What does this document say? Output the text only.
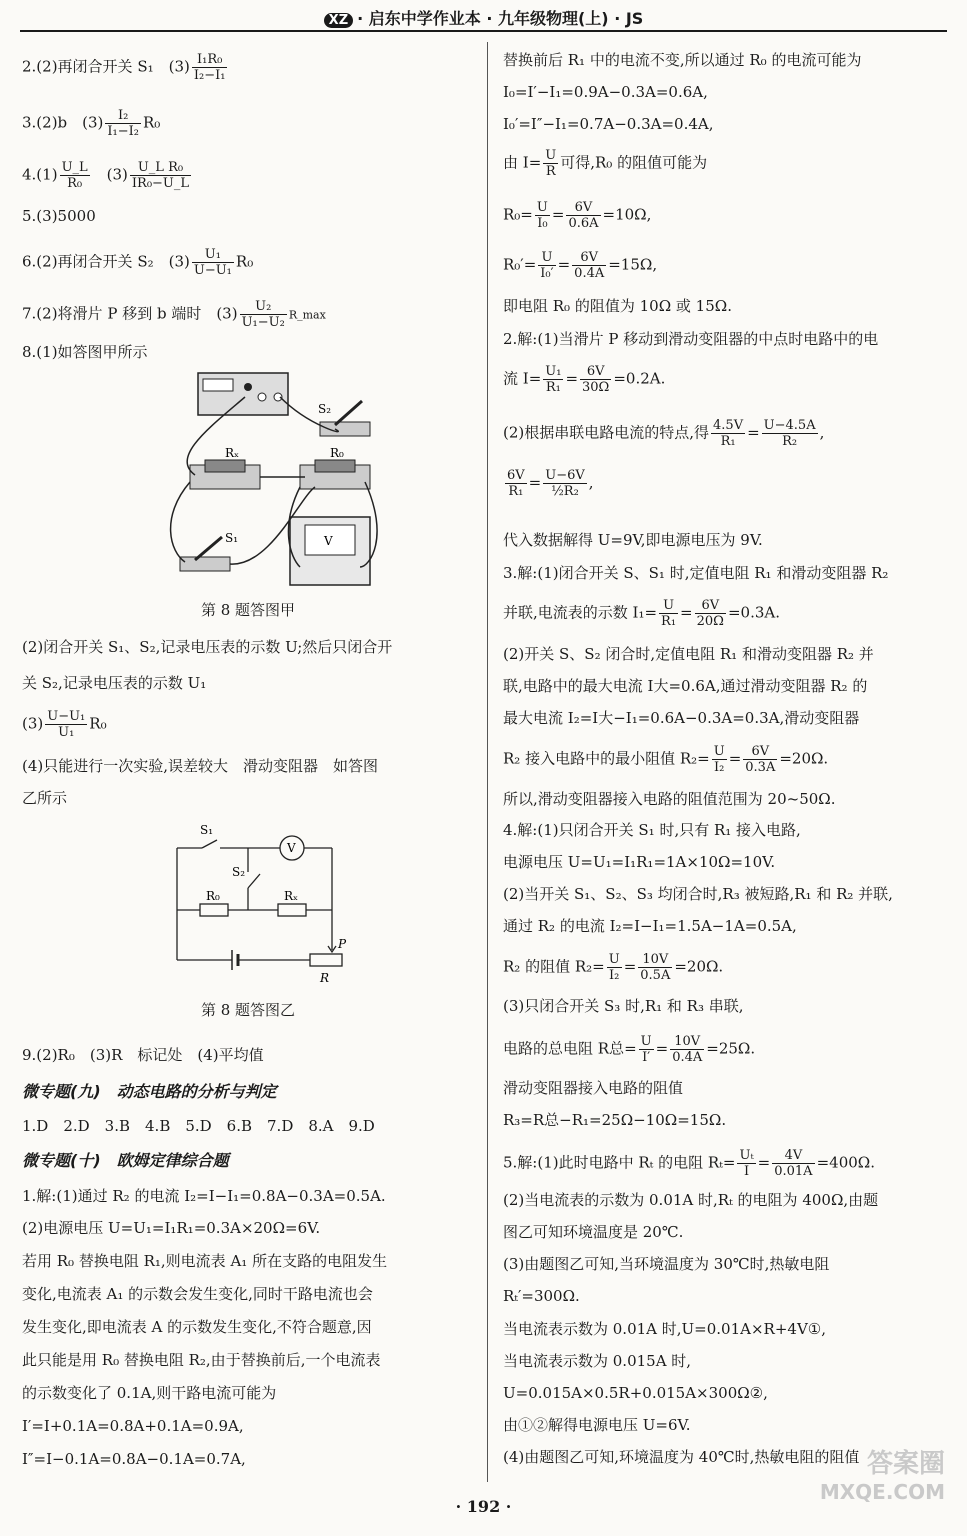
XZ · 启东中学作业本 · 九年级物理(上) · JS
2.(2)再闭合开关 S₁　$(3) \frac{\text{I₁R₀}}{\text{I₂−I₁}}$
3.(2)b　$(3) \frac{\text{I₂}}{\text{I₁−I₂}} R_0$
$4.(1) \frac{U\_L}{\text{R₀}}$ 　$(3) \frac{\text{U\_L R₀}}{\text{IR₀−U\_L}}$
5.(3)5000
6.(2)再闭合开关 S₂　$(3) \frac{\text{U₁}}{\text{U−U₁}} R_0$
7.(2)将滑片 P 移到 b 端时　$(3) \frac{\text{U₂}}{\text{U₁−U₂}}$ R_max
8.(1)如答图甲所示
S₂
Rₓ	R₀
S₁	V
第 8 题答图甲
(2)闭合开关 S₁、S₂,记录电压表的示数 U;然后只闭合开
关 S₂,记录电压表的示数 U₁
$(3) \frac{\text{U−U₁}}{\text{U₁}} R_0$
(4)只能进行一次实验,误差较大　滑动变阻器　如答图
乙所示
S₁
V
S₂
R₀	Rₓ
P
R
第 8 题答图乙
9.(2)R₀　(3)R　标记处　(4)平均值
微专题(九)　动态电路的分析与判定
1.D　2.D　3.B　4.B　5.D　6.B　7.D　8.A　9.D
微专题(十)　欧姆定律综合题
1.解:(1)通过 R₂ 的电流 I₂=I−I₁=0.8A−0.3A=0.5A.
(2)电源电压 U=U₁=I₁R₁=0.3A×20Ω=6V.
若用 R₀ 替换电阻 R₁,则电流表 A₁ 所在支路的电阻发生
变化,电流表 A₁ 的示数会发生变化,同时干路电流也会
发生变化,即电流表 A 的示数发生变化,不符合题意,因
此只能是用 R₀ 替换电阻 R₂,由于替换前后,一个电流表
的示数变化了 0.1A,则干路电流可能为
I′=I+0.1A=0.8A+0.1A=0.9A,
I″=I−0.1A=0.8A−0.1A=0.7A,
替换前后 R₁ 中的电流不变,所以通过 R₀ 的电流可能为
I₀=I′−I₁=0.9A−0.3A=0.6A,
I₀′=I″−I₁=0.7A−0.3A=0.4A,
由 $I= \frac{U}{R}$ 可得,R₀ 的阻值可能为
$R_0= \frac{U}{\text{I₀}} = \frac{6V}{0.6A} =10\Omega$,
$R_0'= \frac{U}{\text{I₀′}} = \frac{6V}{0.4A} =15\Omega$,
即电阻 R₀ 的阻值为 10Ω 或 15Ω.
2.解:(1)当滑片 P 移动到滑动变阻器的中点时电路中的电
流 $I= \frac{\text{U₁}}{\text{R₁}} = \frac{6V}{30\Omega} =0.2A$.
(2)根据串联电路电流的特点,得 $\frac{4.5V}{\text{R₁}} = \frac{U-4.5A}{\text{R₂}}$ ,
$\frac{6V}{\text{R₁}} = \frac{U-6V}{\text{½R₂}}$ ,
代入数据解得 U=9V,即电源电压为 9V.
3.解:(1)闭合开关 S、S₁ 时,定值电阻 R₁ 和滑动变阻器 R₂
并联,电流表的示数 $I_1= \frac{U}{\text{R₁}} = \frac{6V}{20\Omega} =0.3A$.
(2)开关 S、S₂ 闭合时,定值电阻 R₁ 和滑动变阻器 R₂ 并
联,电路中的最大电流 I大=0.6A,通过滑动变阻器 R₂ 的
最大电流 I₂=I大−I₁=0.6A−0.3A=0.3A,滑动变阻器
R₂ 接入电路中的最小阻值 $R_2= \frac{U}{\text{I₂}} = \frac{6V}{0.3A} =20\Omega$.
所以,滑动变阻器接入电路的阻值范围为 20~50Ω.
4.解:(1)只闭合开关 S₁ 时,只有 R₁ 接入电路,
电源电压 U=U₁=I₁R₁=1A×10Ω=10V.
(2)当开关 S₁、S₂、S₃ 均闭合时,R₃ 被短路,R₁ 和 R₂ 并联,
通过 R₂ 的电流 I₂=I−I₁=1.5A−1A=0.5A,
R₂ 的阻值 $R_2= \frac{U}{\text{I₂}} = \frac{10V}{0.5A} =20\Omega$.
(3)只闭合开关 S₃ 时,R₁ 和 R₃ 串联,
电路的总电阻 R总= $\frac{U}{I'} = \frac{10V}{0.4A} =25\Omega$.
滑动变阻器接入电路的阻值
R₃=R总−R₁=25Ω−10Ω=15Ω.
5.解:(1)此时电路中 Rₜ 的电阻 $R_t= \frac{\text{Uₜ}}{I} = \frac{4V}{0.01A} =400\Omega$.
(2)当电流表的示数为 0.01A 时,Rₜ 的电阻为 400Ω,由题
图乙可知环境温度是 20℃.
(3)由题图乙可知,当环境温度为 30℃时,热敏电阻
Rₜ′=300Ω.
当电流表示数为 0.01A 时,U=0.01A×R+4V①,
当电流表示数为 0.015A 时,
U=0.015A×0.5R+0.015A×300Ω②,
由①②解得电源电压 U=6V.
(4)由题图乙可知,环境温度为 40℃时,热敏电阻的阻值 答案圈
MXQE.COM
· 192 ·
